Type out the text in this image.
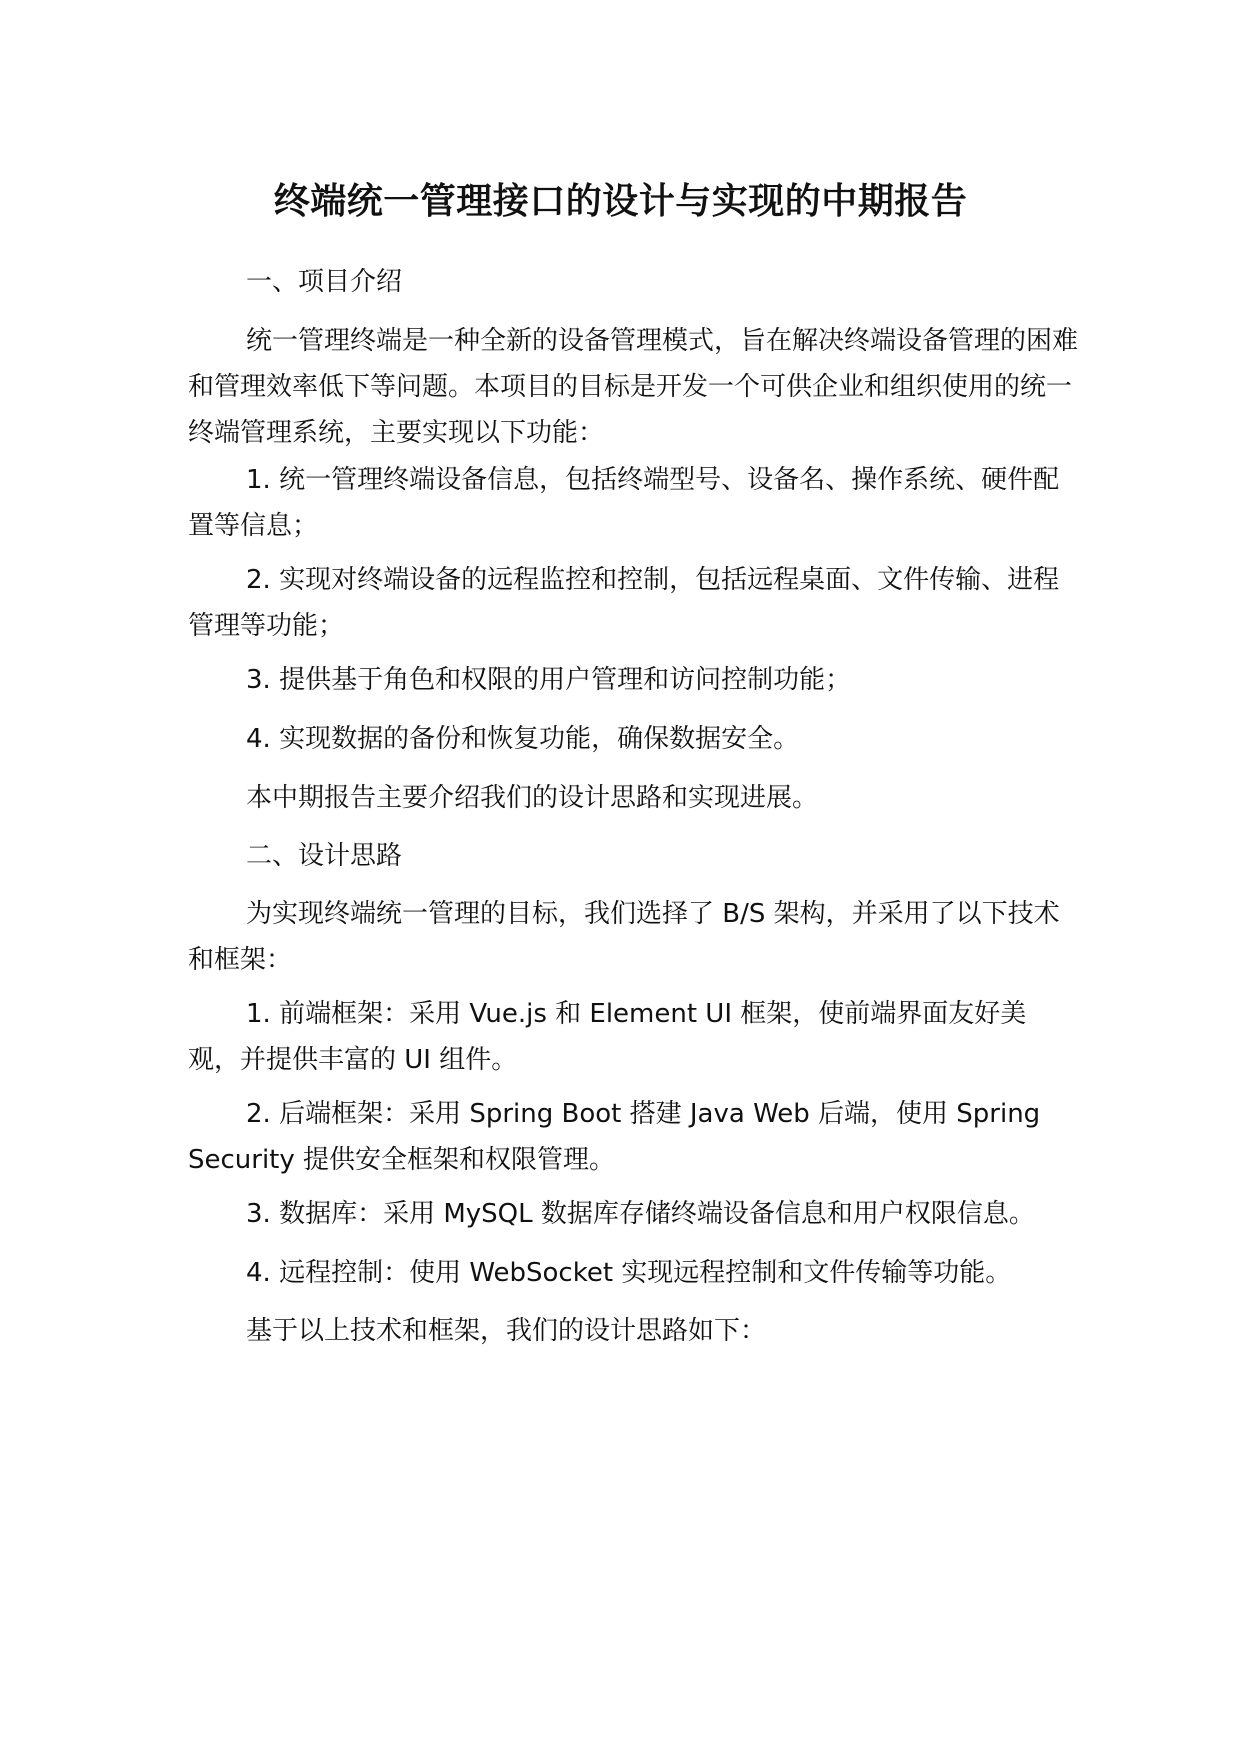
终端统一管理接口的设计与实现的中期报告

一、项目介绍

统一管理终端是一种全新的设备管理模式，旨在解决终端设备管理的困难和管理效率低下等问题。本项目的目标是开发一个可供企业和组织使用的统一终端管理系统，主要实现以下功能：

1. 统一管理终端设备信息，包括终端型号、设备名、操作系统、硬件配置等信息；

2. 实现对终端设备的远程监控和控制，包括远程桌面、文件传输、进程管理等功能；

3. 提供基于角色和权限的用户管理和访问控制功能；

4. 实现数据的备份和恢复功能，确保数据安全。

本中期报告主要介绍我们的设计思路和实现进展。

二、设计思路

为实现终端统一管理的目标，我们选择了 B/S 架构，并采用了以下技术和框架：

1. 前端框架：采用 Vue.js 和 Element UI 框架，使前端界面友好美观，并提供丰富的 UI 组件。

2. 后端框架：采用 Spring Boot 搭建 Java Web 后端，使用 Spring Security 提供安全框架和权限管理。

3. 数据库：采用 MySQL 数据库存储终端设备信息和用户权限信息。

4. 远程控制：使用 WebSocket 实现远程控制和文件传输等功能。

基于以上技术和框架，我们的设计思路如下：
